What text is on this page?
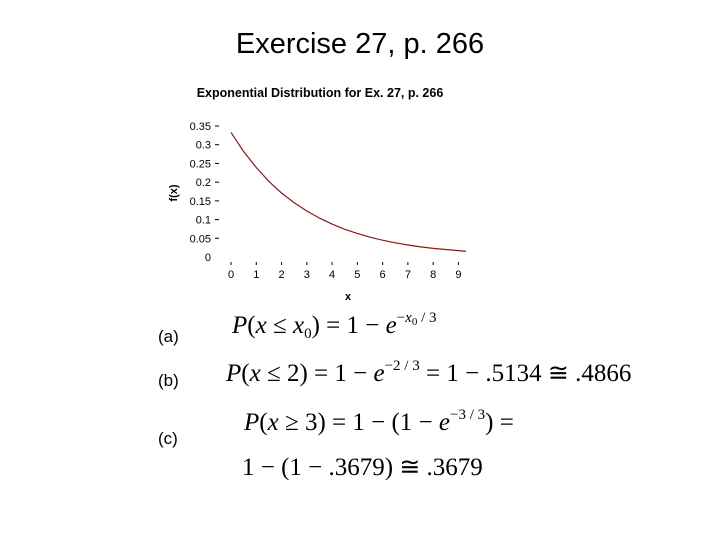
Exercise 27, p. 266
Exponential Distribution for Ex. 27, p. 266
f(x)
x
0
0.05
0.1
0.15
0.2
0.25
0.3
0.35
0 1 2 3 4 5 6 7 8 9
(a)
(b)
(c)
$P(x \le x_0) = 1 - e^{-x_0 / 3}$
$P(x \le 2) = 1 - e^{-2 / 3} = 1 - .5134$ ≅ .4866
$P(x \ge 3) = 1 - (1 - e^{-3 / 3})$ =
1 − (1 − .3679) ≅ .3679
